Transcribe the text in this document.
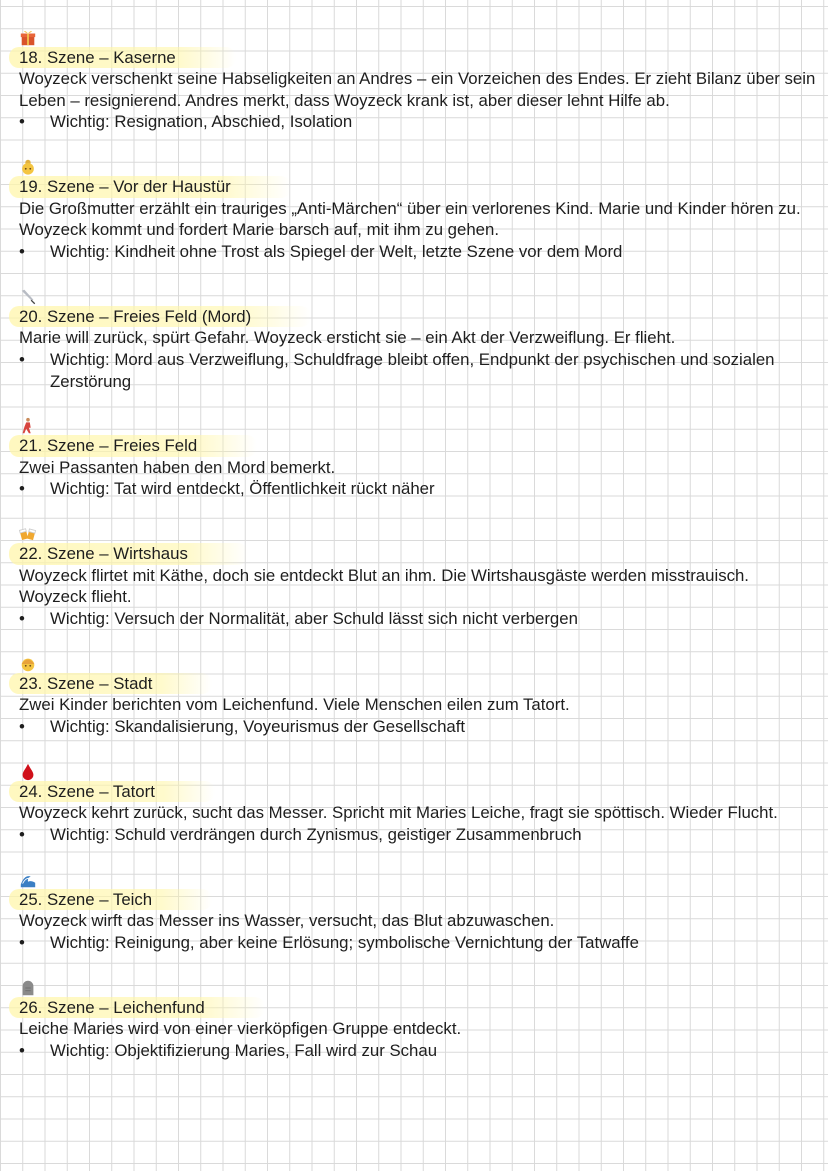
18. Szene – Kaserne
Woyzeck verschenkt seine Habseligkeiten an Andres – ein Vorzeichen des Endes. Er zieht Bilanz über sein Leben – resignierend. Andres merkt, dass Woyzeck krank ist, aber dieser lehnt Hilfe ab.
•	Wichtig: Resignation, Abschied, Isolation
19. Szene – Vor der Haustür
Die Großmutter erzählt ein trauriges „Anti-Märchen“ über ein verlorenes Kind. Marie und Kinder hören zu. Woyzeck kommt und fordert Marie barsch auf, mit ihm zu gehen.
•	Wichtig: Kindheit ohne Trost als Spiegel der Welt, letzte Szene vor dem Mord
20. Szene – Freies Feld (Mord)
Marie will zurück, spürt Gefahr. Woyzeck ersticht sie – ein Akt der Verzweiflung. Er flieht.
•	Wichtig: Mord aus Verzweiflung, Schuldfrage bleibt offen, Endpunkt der psychischen und sozialen Zerstörung
21. Szene – Freies Feld
Zwei Passanten haben den Mord bemerkt.
•	Wichtig: Tat wird entdeckt, Öffentlichkeit rückt näher
22. Szene – Wirtshaus
Woyzeck flirtet mit Käthe, doch sie entdeckt Blut an ihm. Die Wirtshausgäste werden misstrauisch. Woyzeck flieht.
•	Wichtig: Versuch der Normalität, aber Schuld lässt sich nicht verbergen
23. Szene – Stadt
Zwei Kinder berichten vom Leichenfund. Viele Menschen eilen zum Tatort.
•	Wichtig: Skandalisierung, Voyeurismus der Gesellschaft
24. Szene – Tatort
Woyzeck kehrt zurück, sucht das Messer. Spricht mit Maries Leiche, fragt sie spöttisch. Wieder Flucht.
•	Wichtig: Schuld verdrängen durch Zynismus, geistiger Zusammenbruch
25. Szene – Teich
Woyzeck wirft das Messer ins Wasser, versucht, das Blut abzuwaschen.
•	Wichtig: Reinigung, aber keine Erlösung; symbolische Vernichtung der Tatwaffe
26. Szene – Leichenfund
Leiche Maries wird von einer vierköpfigen Gruppe entdeckt.
•	Wichtig: Objektifizierung Maries, Fall wird zur Schau
